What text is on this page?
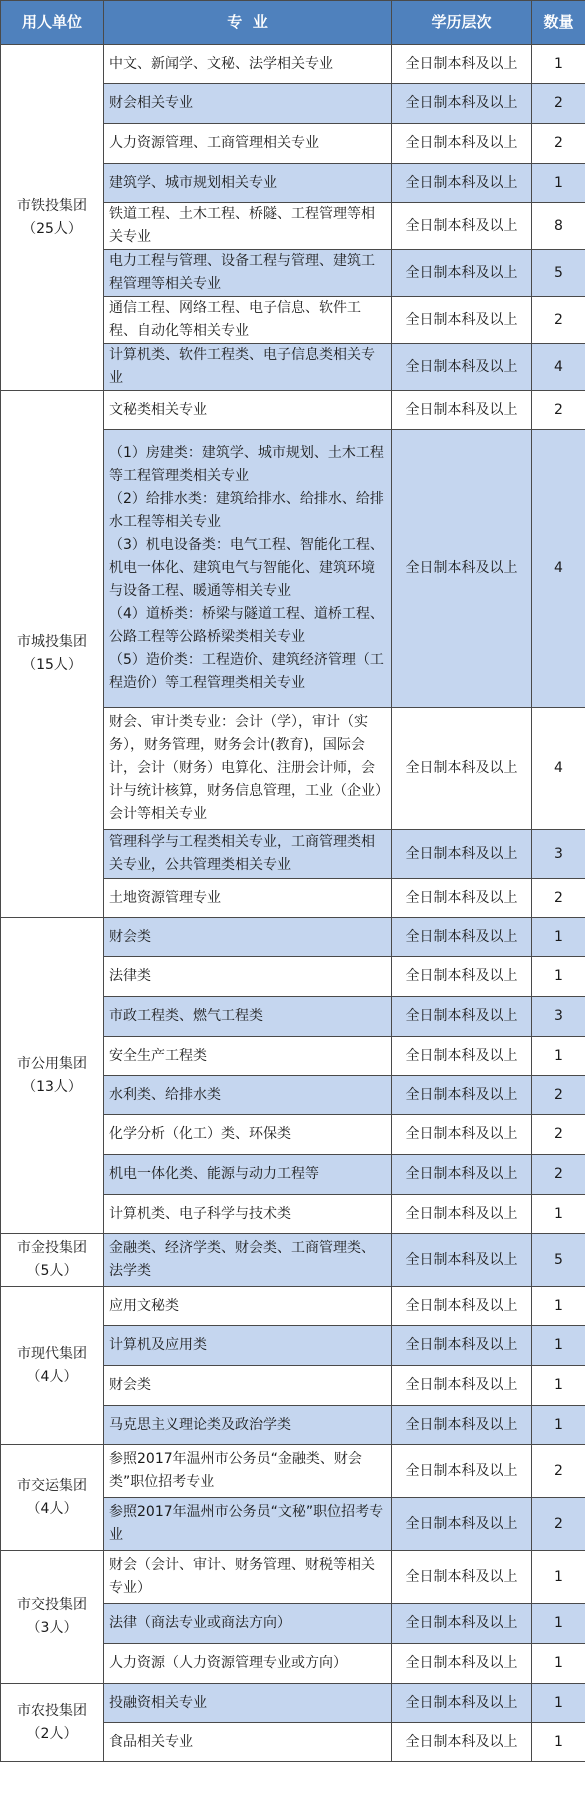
用人单位	专  业	学历层次	数量
市铁投集团
（25人）	中文、新闻学、文秘、法学相关专业	全日制本科及以上	1
	财会相关专业	全日制本科及以上	2
	人力资源管理、工商管理相关专业	全日制本科及以上	2
	建筑学、城市规划相关专业	全日制本科及以上	1
	铁道工程、土木工程、桥隧、工程管理等相关专业	全日制本科及以上	8
	电力工程与管理、设备工程与管理、建筑工程管理等相关专业	全日制本科及以上	5
	通信工程、网络工程、电子信息、软件工程、自动化等相关专业	全日制本科及以上	2
	计算机类、软件工程类、电子信息类相关专业	全日制本科及以上	4
市城投集团
（15人）	文秘类相关专业	全日制本科及以上	2
	（1）房建类：建筑学、城市规划、土木工程等工程管理类相关专业
（2）给排水类：建筑给排水、给排水、给排水工程等相关专业
（3）机电设备类：电气工程、智能化工程、机电一体化、建筑电气与智能化、建筑环境与设备工程、暖通等相关专业
（4）道桥类：桥梁与隧道工程、道桥工程、公路工程等公路桥梁类相关专业
（5）造价类：工程造价、建筑经济管理（工程造价）等工程管理类相关专业	全日制本科及以上	4
	财会、审计类专业：会计（学），审计（实务），财务管理，财务会计(教育)，国际会计，会计（财务）电算化、注册会计师，会计与统计核算，财务信息管理，工业（企业）会计等相关专业	全日制本科及以上	4
	管理科学与工程类相关专业，工商管理类相关专业，公共管理类相关专业	全日制本科及以上	3
	土地资源管理专业	全日制本科及以上	2
市公用集团
（13人）	财会类	全日制本科及以上	1
	法律类	全日制本科及以上	1
	市政工程类、燃气工程类	全日制本科及以上	3
	安全生产工程类	全日制本科及以上	1
	水利类、给排水类	全日制本科及以上	2
	化学分析（化工）类、环保类	全日制本科及以上	2
	机电一体化类、能源与动力工程等	全日制本科及以上	2
	计算机类、电子科学与技术类	全日制本科及以上	1
市金投集团
（5人）	金融类、经济学类、财会类、工商管理类、法学类	全日制本科及以上	5
市现代集团
（4人）	应用文秘类	全日制本科及以上	1
	计算机及应用类	全日制本科及以上	1
	财会类	全日制本科及以上	1
	马克思主义理论类及政治学类	全日制本科及以上	1
市交运集团
（4人）	参照2017年温州市公务员“金融类、财会类”职位招考专业	全日制本科及以上	2
	参照2017年温州市公务员“文秘”职位招考专业	全日制本科及以上	2
市交投集团
（3人）	财会（会计、审计、财务管理、财税等相关专业）	全日制本科及以上	1
	法律（商法专业或商法方向）	全日制本科及以上	1
	人力资源（人力资源管理专业或方向）	全日制本科及以上	1
市农投集团
（2人）	投融资相关专业	全日制本科及以上	1
	食品相关专业	全日制本科及以上	1
